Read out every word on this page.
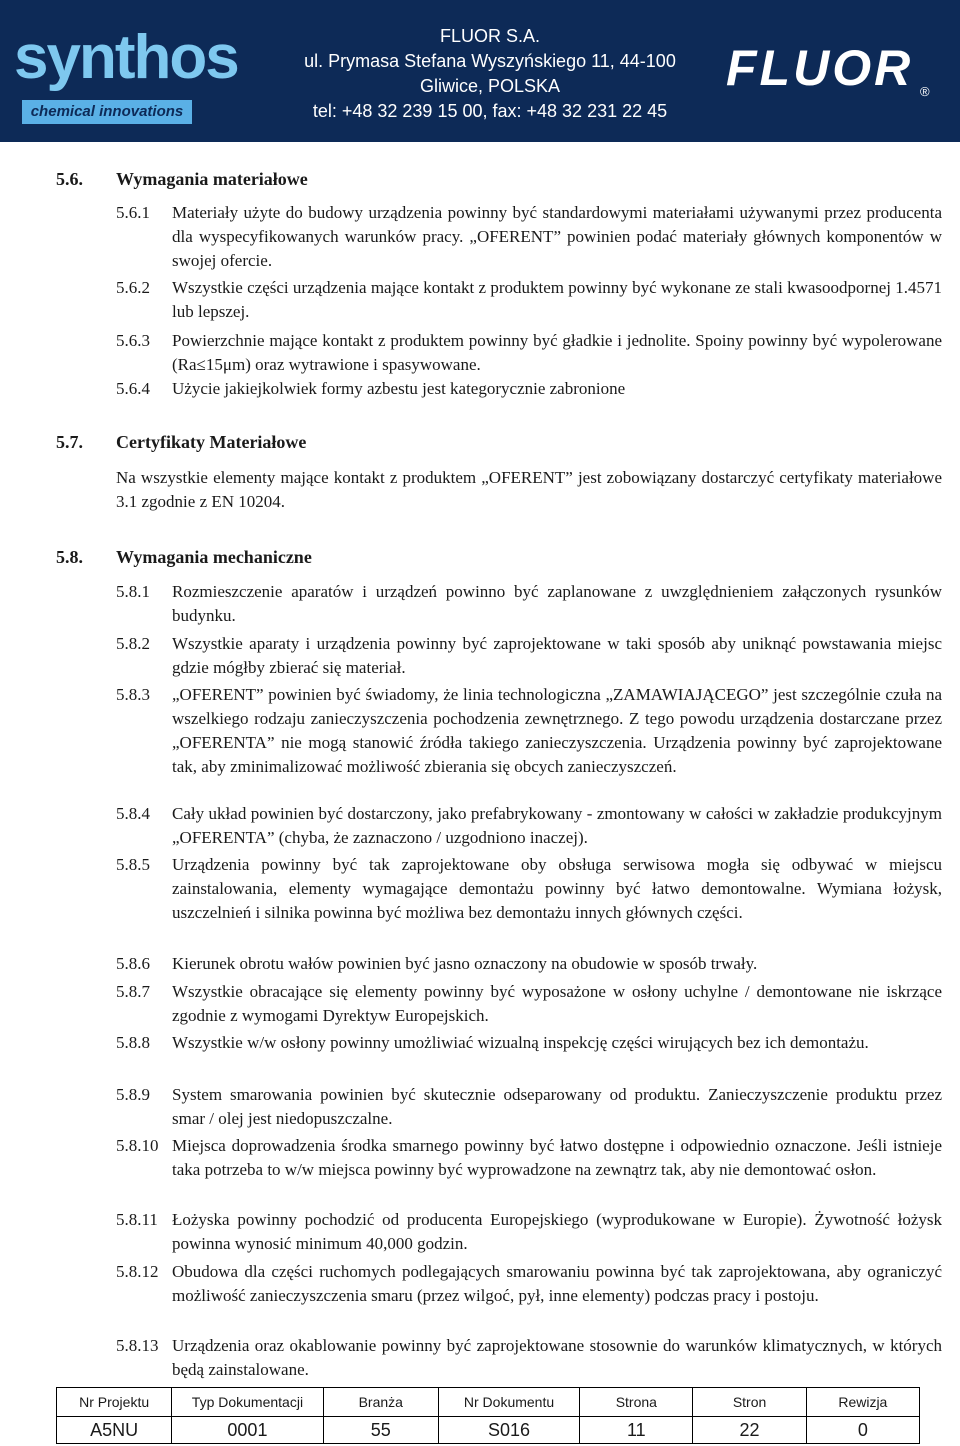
synthos
chemical innovations
FLUOR S.A.
ul. Prymasa Stefana Wyszyńskiego 11, 44-100
Gliwice, POLSKA
tel: +48 32 239 15 00, fax: +48 32 231 22 45
FLUOR ®
5.6. Wymagania materiałowe
5.6.1 Materiały użyte do budowy urządzenia powinny być standardowymi materiałami używanymi przez producenta dla wyspecyfikowanych warunków pracy. „OFERENT” powinien podać materiały głównych komponentów w swojej ofercie.
5.6.2 Wszystkie części urządzenia mające kontakt z produktem powinny być wykonane ze stali kwasoodpornej 1.4571 lub lepszej.
5.6.3 Powierzchnie mające kontakt z produktem powinny być gładkie i jednolite. Spoiny powinny być wypolerowane (Ra≤15μm) oraz wytrawione i spasywowane.
5.6.4 Użycie jakiejkolwiek formy azbestu jest kategorycznie zabronione
5.7. Certyfikaty Materiałowe
Na wszystkie elementy mające kontakt z produktem „OFERENT” jest zobowiązany dostarczyć certyfikaty materiałowe 3.1 zgodnie z EN 10204.
5.8. Wymagania mechaniczne
5.8.1 Rozmieszczenie aparatów i urządzeń powinno być zaplanowane z uwzględnieniem załączonych rysunków budynku.
5.8.2 Wszystkie aparaty i urządzenia powinny być zaprojektowane w taki sposób aby uniknąć powstawania miejsc gdzie mógłby zbierać się materiał.
5.8.3 „OFERENT” powinien być świadomy, że linia technologiczna „ZAMAWIAJĄCEGO” jest szczególnie czuła na wszelkiego rodzaju zanieczyszczenia pochodzenia zewnętrznego. Z tego powodu urządzenia dostarczane przez „OFERENTA” nie mogą stanowić źródła takiego zanieczyszczenia. Urządzenia powinny być zaprojektowane tak, aby zminimalizować możliwość zbierania się obcych zanieczyszczeń.
5.8.4 Cały układ powinien być dostarczony, jako prefabrykowany - zmontowany w całości w zakładzie produkcyjnym „OFERENTA” (chyba, że zaznaczono / uzgodniono inaczej).
5.8.5 Urządzenia powinny być tak zaprojektowane oby obsługa serwisowa mogła się odbywać w miejscu zainstalowania, elementy wymagające demontażu powinny być łatwo demontowalne. Wymiana łożysk, uszczelnień i silnika powinna być możliwa bez demontażu innych głównych części.
5.8.6 Kierunek obrotu wałów powinien być jasno oznaczony na obudowie w sposób trwały.
5.8.7 Wszystkie obracające się elementy powinny być wyposażone w osłony uchylne / demontowane nie iskrzące zgodnie z wymogami Dyrektyw Europejskich.
5.8.8 Wszystkie w/w osłony powinny umożliwiać wizualną inspekcję części wirujących bez ich demontażu.
5.8.9 System smarowania powinien być skutecznie odseparowany od produktu. Zanieczyszczenie produktu przez smar / olej jest niedopuszczalne.
5.8.10 Miejsca doprowadzenia środka smarnego powinny być łatwo dostępne i odpowiednio oznaczone. Jeśli istnieje taka potrzeba to w/w miejsca powinny być wyprowadzone na zewnątrz tak, aby nie demontować osłon.
5.8.11 Łożyska powinny pochodzić od producenta Europejskiego (wyprodukowane w Europie). Żywotność łożysk powinna wynosić minimum 40,000 godzin.
5.8.12 Obudowa dla części ruchomych podlegających smarowaniu powinna być tak zaprojektowana, aby ograniczyć możliwość zanieczyszczenia smaru (przez wilgoć, pył, inne elementy) podczas pracy i postoju.
5.8.13 Urządzenia oraz okablowanie powinny być zaprojektowane stosownie do warunków klimatycznych, w których będą zainstalowane.
Nr Projektu	Typ Dokumentacji	Branża	Nr Dokumentu	Strona	Stron	Rewizja
A5NU	0001	55	S016	11	22	0
